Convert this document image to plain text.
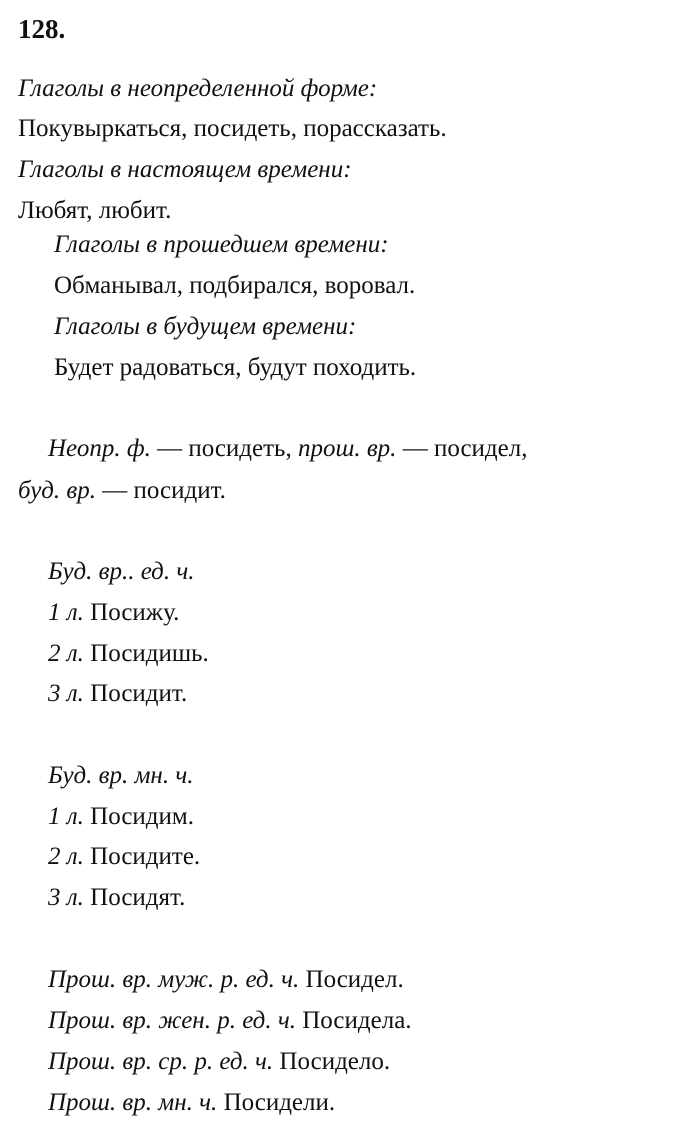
128.
Глаголы в неопределенной форме:
Покувыркаться, посидеть, порассказать.
Глаголы в настоящем времени:
Любят, любит.
Глаголы в прошедшем времени:
Обманывал, подбирался, воровал.
Глаголы в будущем времени:
Будет радоваться, будут походить.
Неопр. ф. — посидеть, прош. вр. — посидел,
буд. вр. — посидит.
Буд. вр.. ед. ч.
1 л. Посижу.
2 л. Посидишь.
3 л. Посидит.
Буд. вр. мн. ч.
1 л. Посидим.
2 л. Посидите.
3 л. Посидят.
Прош. вр. муж. р. ед. ч. Посидел.
Прош. вр. жен. р. ед. ч. Посидела.
Прош. вр. ср. р. ед. ч. Посидело.
Прош. вр. мн. ч. Посидели.
